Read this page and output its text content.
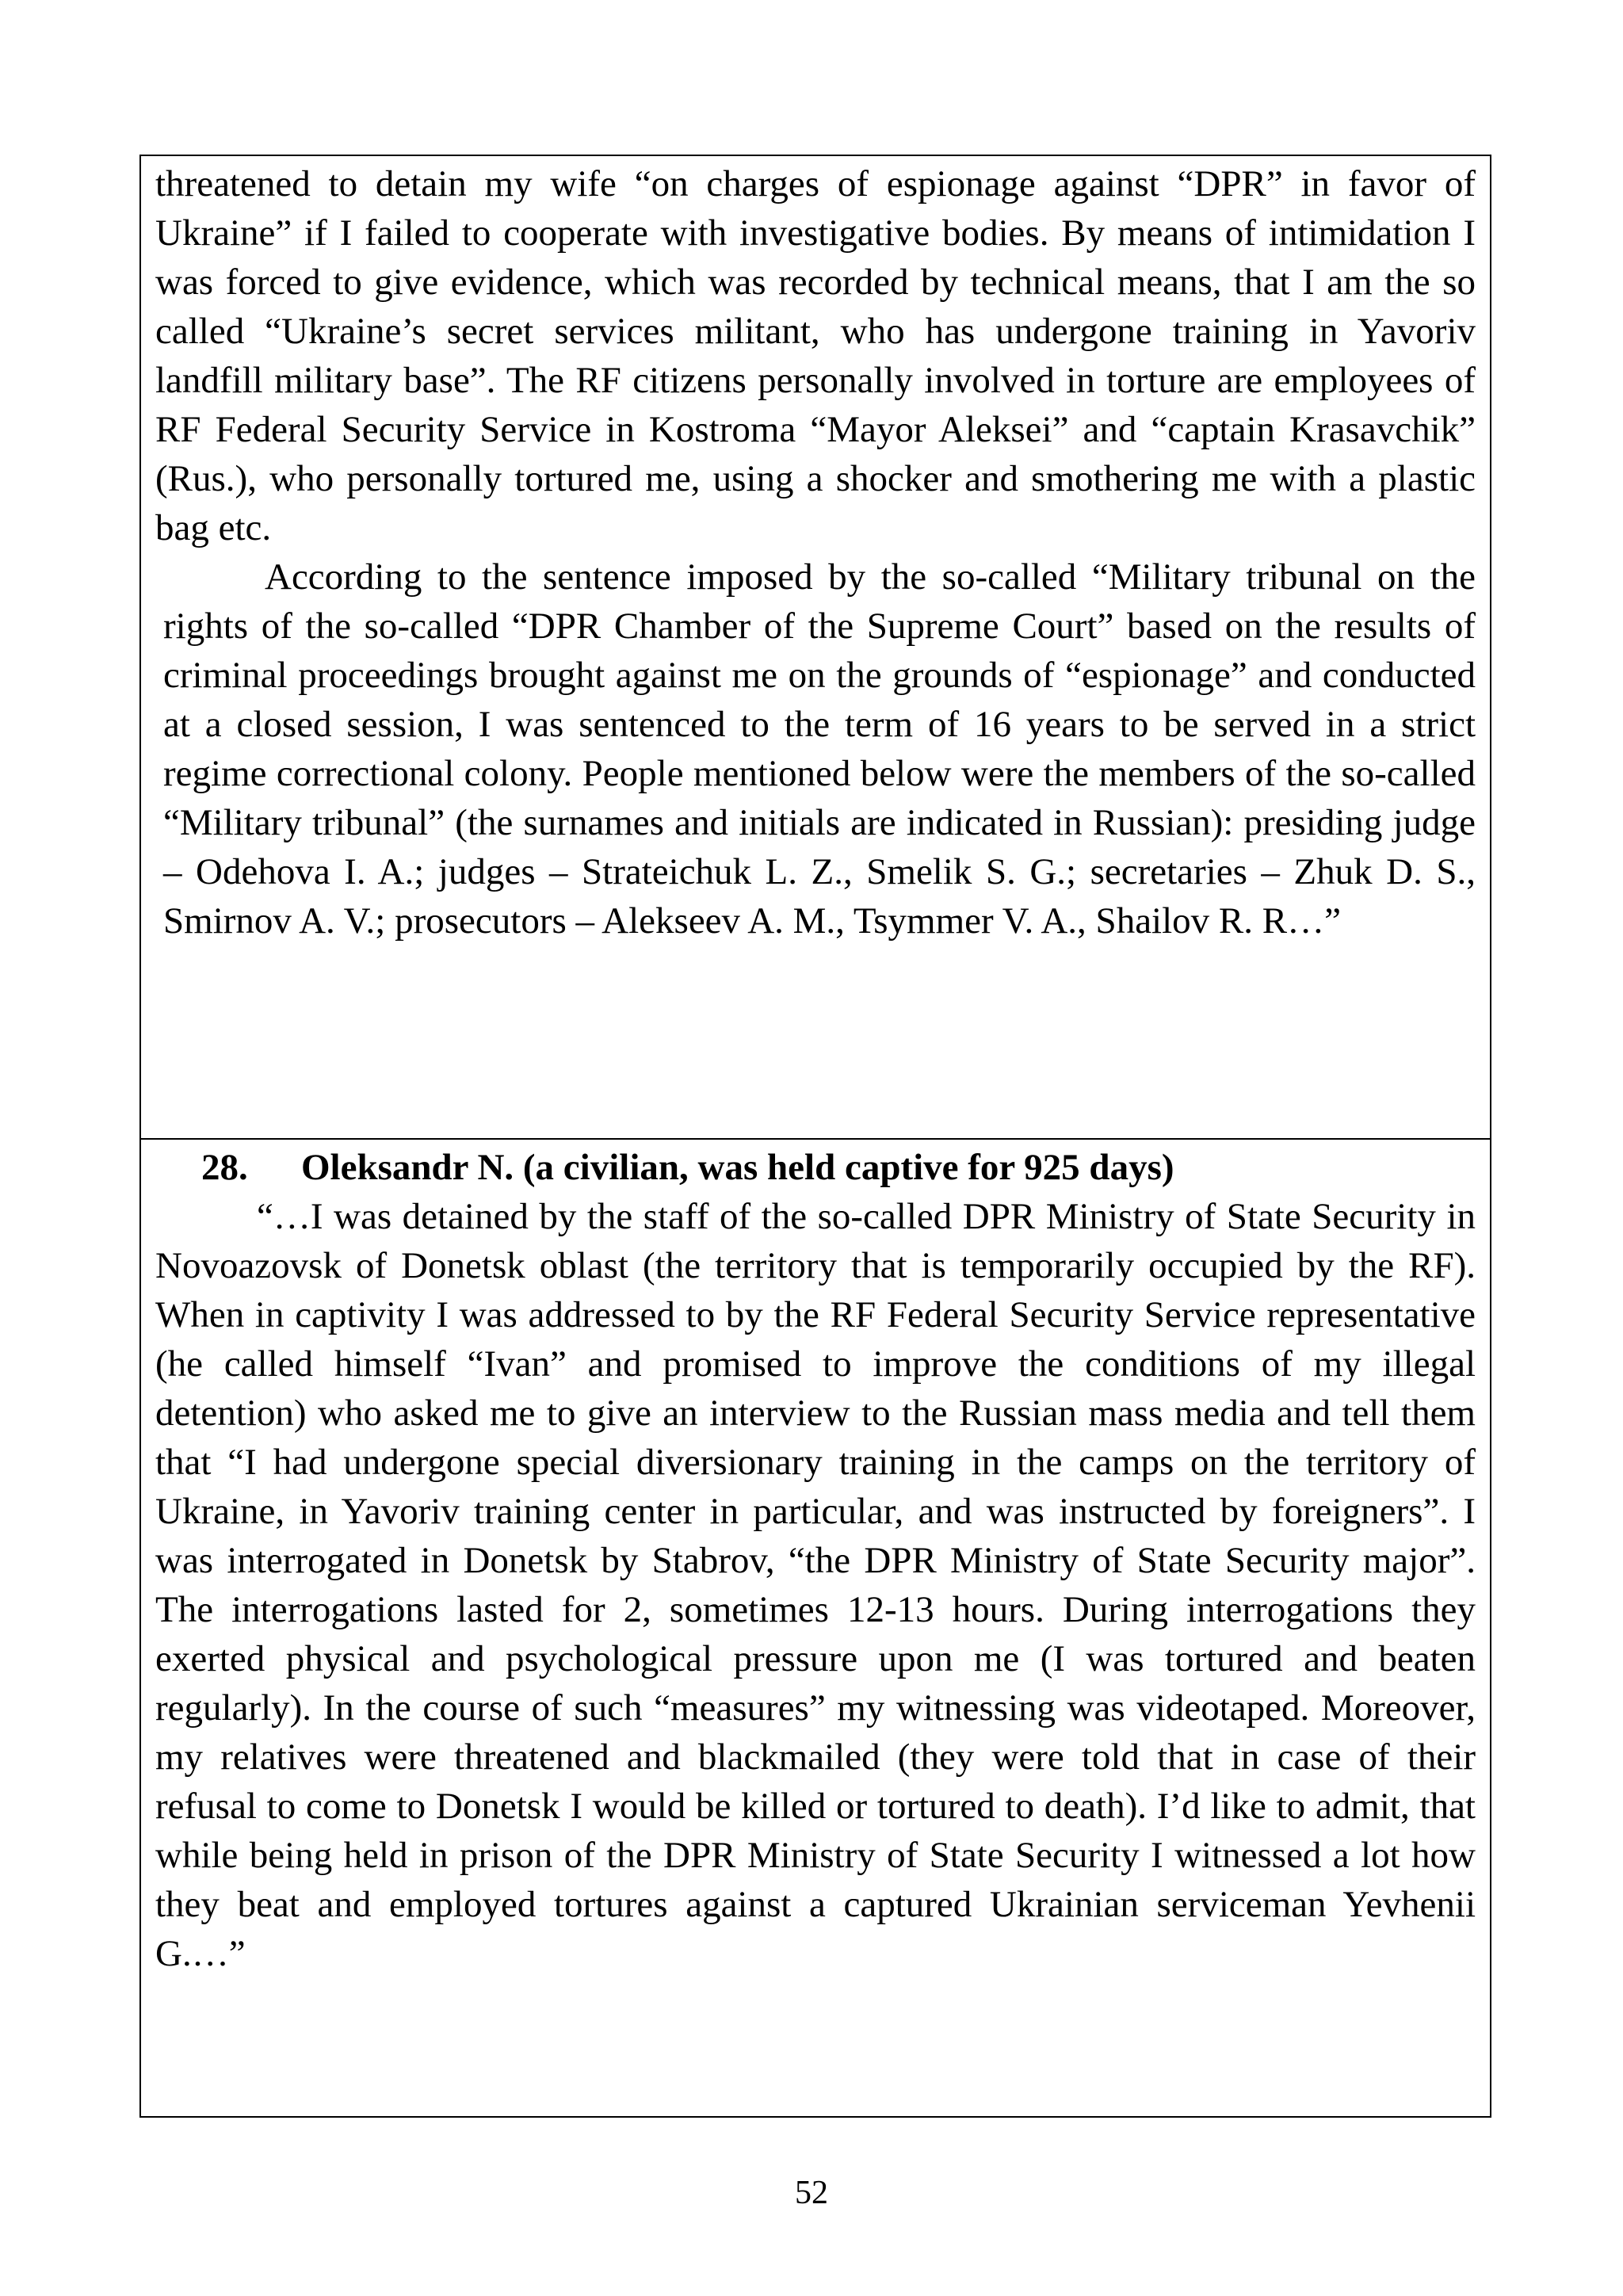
threatened to detain my wife “on charges of espionage against “DPR” in favor of Ukraine” if I failed to cooperate with investigative bodies. By means of intimidation I was forced to give evidence, which was recorded by technical means, that I am the so called “Ukraine’s secret services militant, who has undergone training in Yavoriv landfill military base”. The RF citizens personally involved in torture are employees of RF Federal Security Service in Kostroma “Mayor Aleksei” and “captain Krasavchik” (Rus.), who personally tortured me, using a shocker and smothering me with a plastic bag etc.

According to the sentence imposed by the so-called “Military tribunal on the rights of the so-called “DPR Chamber of the Supreme Court” based on the results of criminal proceedings brought against me on the grounds of “espionage” and conducted at a closed session, I was sentenced to the term of 16 years to be served in a strict regime correctional colony. People mentioned below were the members of the so-called “Military tribunal” (the surnames and initials are indicated in Russian): presiding judge – Odehova I. A.; judges – Strateichuk L. Z., Smelik S. G.; secretaries – Zhuk D. S., Smirnov A. V.; prosecutors – Alekseev A. M., Tsymmer V. A., Shailov R. R…”

28. Oleksandr N. (a civilian, was held captive for 925 days)

“…I was detained by the staff of the so-called DPR Ministry of State Security in Novoazovsk of Donetsk oblast (the territory that is temporarily occupied by the RF). When in captivity I was addressed to by the RF Federal Security Service representative (he called himself “Ivan” and promised to improve the conditions of my illegal detention) who asked me to give an interview to the Russian mass media and tell them that “I had undergone special diversionary training in the camps on the territory of Ukraine, in Yavoriv training center in particular, and was instructed by foreigners”. I was interrogated in Donetsk by Stabrov, “the DPR Ministry of State Security major”. The interrogations lasted for 2, sometimes 12-13 hours. During interrogations they exerted physical and psychological pressure upon me (I was tortured and beaten regularly). In the course of such “measures” my witnessing was videotaped. Moreover, my relatives were threatened and blackmailed (they were told that in case of their refusal to come to Donetsk I would be killed or tortured to death). I’d like to admit, that while being held in prison of the DPR Ministry of State Security I witnessed a lot how they beat and employed tortures against a captured Ukrainian serviceman Yevhenii G.…”

52
